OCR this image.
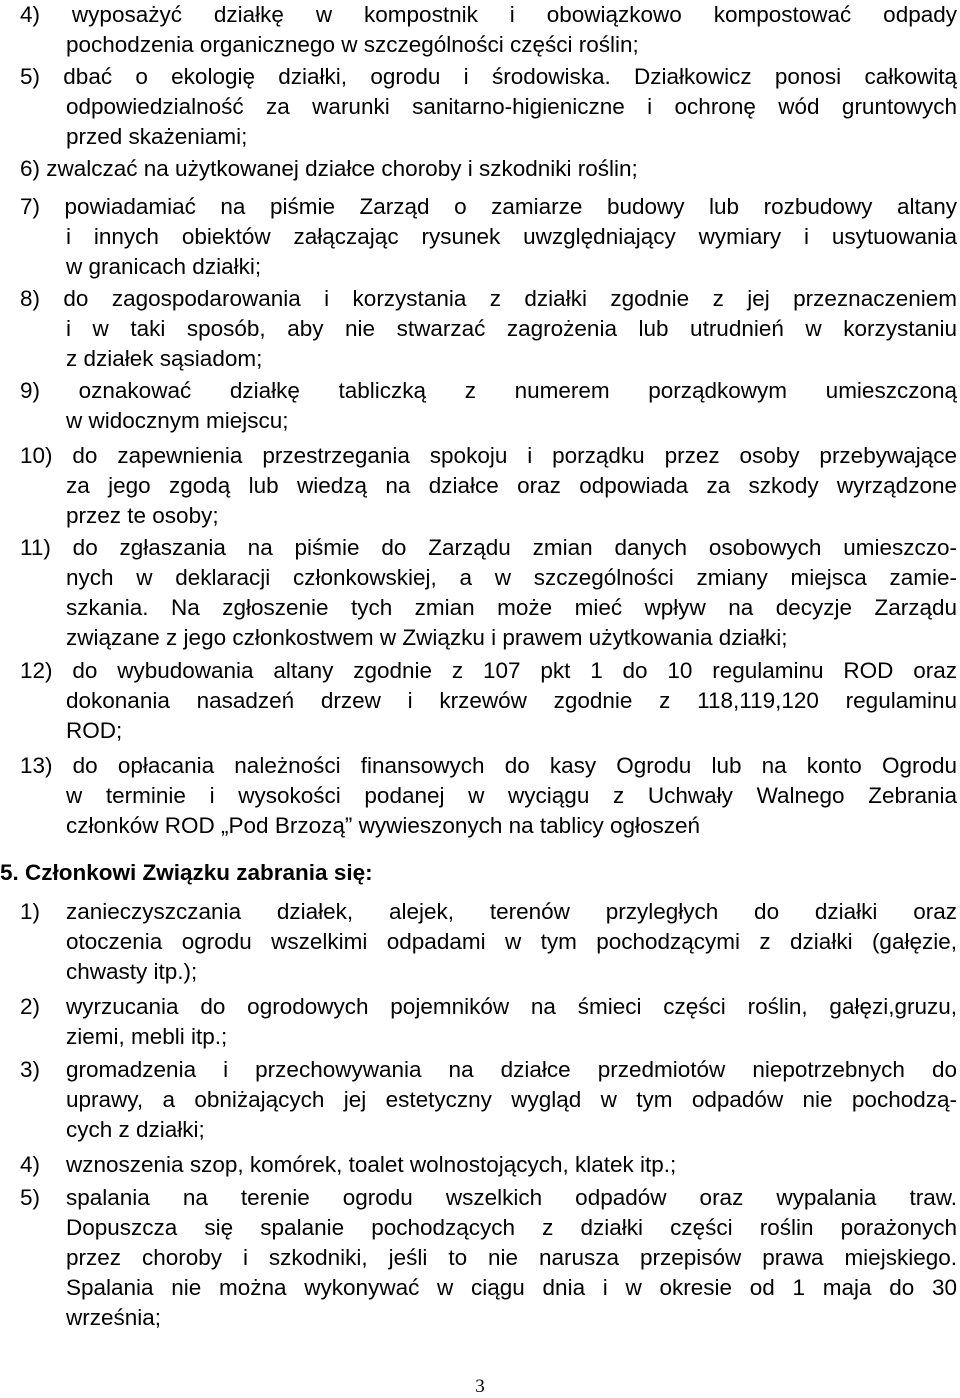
4) wyposażyć działkę w kompostnik i obowiązkowo kompostować odpady
pochodzenia organicznego w szczególności części roślin;
5) dbać o ekologię działki, ogrodu i środowiska. Działkowicz ponosi całkowitą
odpowiedzialność za warunki sanitarno-higieniczne i ochronę wód gruntowych
przed skażeniami;
6) zwalczać na użytkowanej działce choroby i szkodniki roślin;
7) powiadamiać na piśmie Zarząd o zamiarze budowy lub rozbudowy altany
i innych obiektów załączając rysunek uwzględniający wymiary i usytuowania
w granicach działki;
8) do zagospodarowania i korzystania z działki zgodnie z jej przeznaczeniem
i w taki sposób, aby nie stwarzać zagrożenia lub utrudnień w korzystaniu
z działek sąsiadom;
9) oznakować działkę tabliczką z numerem porządkowym umieszczoną
w widocznym miejscu;
10) do zapewnienia przestrzegania spokoju i porządku przez osoby przebywające
za jego zgodą lub wiedzą na działce oraz odpowiada za szkody wyrządzone
przez te osoby;
11) do zgłaszania na piśmie do Zarządu zmian danych osobowych umieszczo-
nych w deklaracji członkowskiej, a w szczególności zmiany miejsca zamie-
szkania. Na zgłoszenie tych zmian może mieć wpływ na decyzje Zarządu
związane z jego członkostwem w Związku i prawem użytkowania działki;
12) do wybudowania altany zgodnie z 107 pkt 1 do 10 regulaminu ROD oraz
dokonania nasadzeń drzew i krzewów zgodnie z 118,119,120 regulaminu
ROD;
13) do opłacania należności finansowych do kasy Ogrodu lub na konto Ogrodu
w terminie i wysokości podanej w wyciągu z Uchwały Walnego Zebrania
członków ROD „Pod Brzozą” wywieszonych na tablicy ogłoszeń
5. Członkowi Związku zabrania się:
1) zanieczyszczania działek, alejek, terenów przyległych do działki oraz
otoczenia ogrodu wszelkimi odpadami w tym pochodzącymi z działki (gałęzie,
chwasty itp.);
2) wyrzucania do ogrodowych pojemników na śmieci części roślin, gałęzi,gruzu,
ziemi, mebli itp.;
3) gromadzenia i przechowywania na działce przedmiotów niepotrzebnych do
uprawy, a obniżających jej estetyczny wygląd w tym odpadów nie pochodzą-
cych z działki;
4) wznoszenia szop, komórek, toalet wolnostojących, klatek itp.;
5) spalania na terenie ogrodu wszelkich odpadów oraz wypalania traw.
Dopuszcza się spalanie pochodzących z działki części roślin porażonych
przez choroby i szkodniki, jeśli to nie narusza przepisów prawa miejskiego.
Spalania nie można wykonywać w ciągu dnia i w okresie od 1 maja do 30
września;
3
